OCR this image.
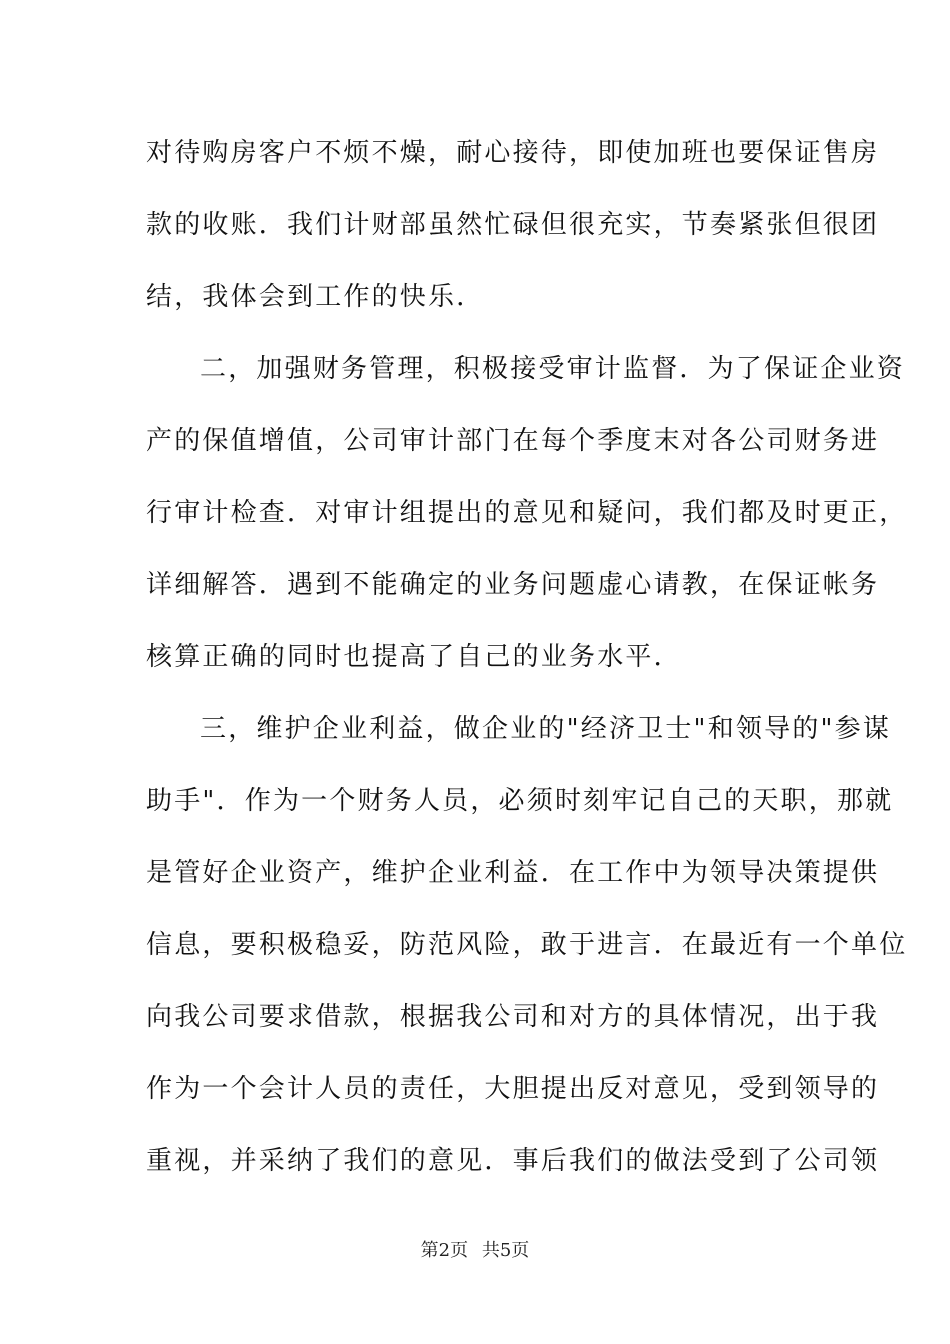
对待购房客户不烦不燥，耐心接待，即使加班也要保证售房
款的收账．我们计财部虽然忙碌但很充实，节奏紧张但很团
结，我体会到工作的快乐．
二，加强财务管理，积极接受审计监督．为了保证企业资
产的保值增值，公司审计部门在每个季度末对各公司财务进
行审计检查．对审计组提出的意见和疑问，我们都及时更正，
详细解答．遇到不能确定的业务问题虚心请教，在保证帐务
核算正确的同时也提高了自己的业务水平．
三，维护企业利益，做企业的"经济卫士"和领导的"参谋
助手"．作为一个财务人员，必须时刻牢记自己的天职，那就
是管好企业资产，维护企业利益．在工作中为领导决策提供
信息，要积极稳妥，防范风险，敢于进言．在最近有一个单位
向我公司要求借款，根据我公司和对方的具体情况，出于我
作为一个会计人员的责任，大胆提出反对意见，受到领导的
重视，并采纳了我们的意见．事后我们的做法受到了公司领
第2页 共5页
